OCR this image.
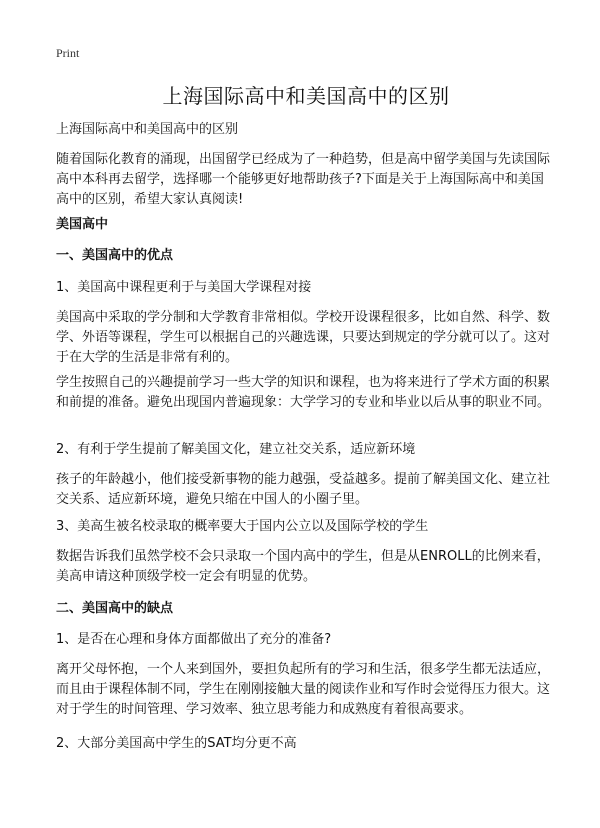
Print
上海国际高中和美国高中的区别

上海国际高中和美国高中的区别

随着国际化教育的涌现，出国留学已经成为了一种趋势，但是高中留学美国与先读国际高中本科再去留学，选择哪一个能够更好地帮助孩子?下面是关于上海国际高中和美国高中的区别，希望大家认真阅读!

美国高中

一、美国高中的优点

1、美国高中课程更利于与美国大学课程对接

美国高中采取的学分制和大学教育非常相似。学校开设课程很多，比如自然、科学、数学、外语等课程，学生可以根据自己的兴趣选课，只要达到规定的学分就可以了。这对于在大学的生活是非常有利的。

学生按照自己的兴趣提前学习一些大学的知识和课程，也为将来进行了学术方面的积累和前提的准备。避免出现国内普遍现象：大学学习的专业和毕业以后从事的职业不同。

2、有利于学生提前了解美国文化，建立社交关系，适应新环境

孩子的年龄越小，他们接受新事物的能力越强，受益越多。提前了解美国文化、建立社交关系、适应新环境，避免只缩在中国人的小圈子里。

3、美高生被名校录取的概率要大于国内公立以及国际学校的学生

数据告诉我们虽然学校不会只录取一个国内高中的学生，但是从ENROLL的比例来看，美高申请这种顶级学校一定会有明显的优势。

二、美国高中的缺点

1、是否在心理和身体方面都做出了充分的准备?

离开父母怀抱，一个人来到国外，要担负起所有的学习和生活，很多学生都无法适应，而且由于课程体制不同，学生在刚刚接触大量的阅读作业和写作时会觉得压力很大。这对于学生的时间管理、学习效率、独立思考能力和成熟度有着很高要求。

2、大部分美国高中学生的SAT均分更不高
